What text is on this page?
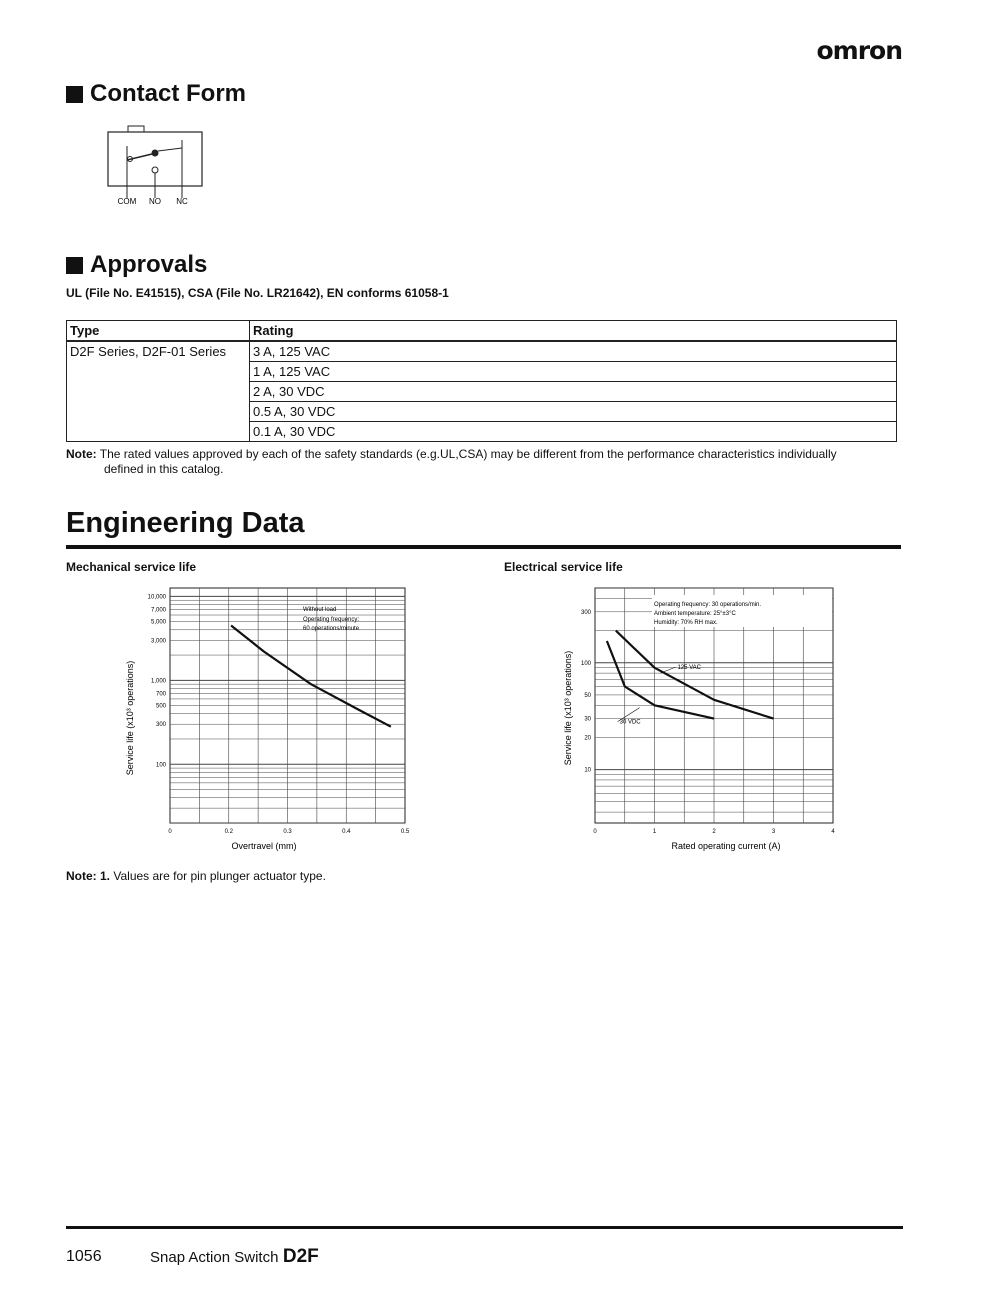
omron
Contact Form
COM NO NC
Approvals
UL (File No. E41515), CSA (File No. LR21642), EN conforms 61058-1
Type	Rating
D2F Series, D2F-01 Series	3 A, 125 VAC
	1 A, 125 VAC
	2 A, 30 VDC
	0.5 A, 30 VDC
	0.1 A, 30 VDC
Note: The rated values approved by each of the safety standards (e.g.UL,CSA) may be different from the performance characteristics individually
defined in this catalog.
Engineering Data
Mechanical service life	Electrical service life
Overtravel (mm)
Service life (x10³ operations)
Without load
Operating frequency:
60 operations/minute
10,000
7,000
5,000
3,000
1,000
700
500
300
100
0	0.2	0.3	0.4	0.5
Rated operating current (A)
Service life (x10³ operations)
Operating frequency: 30 operations/min.
Ambient temperature: 25°±3°C
Humidity: 70% RH max.
300
100
50
30
20
10
0	1	2	3	4
125 VAC
30 VDC
Note: 1. Values are for pin plunger actuator type.
1056	Snap Action Switch D2F
